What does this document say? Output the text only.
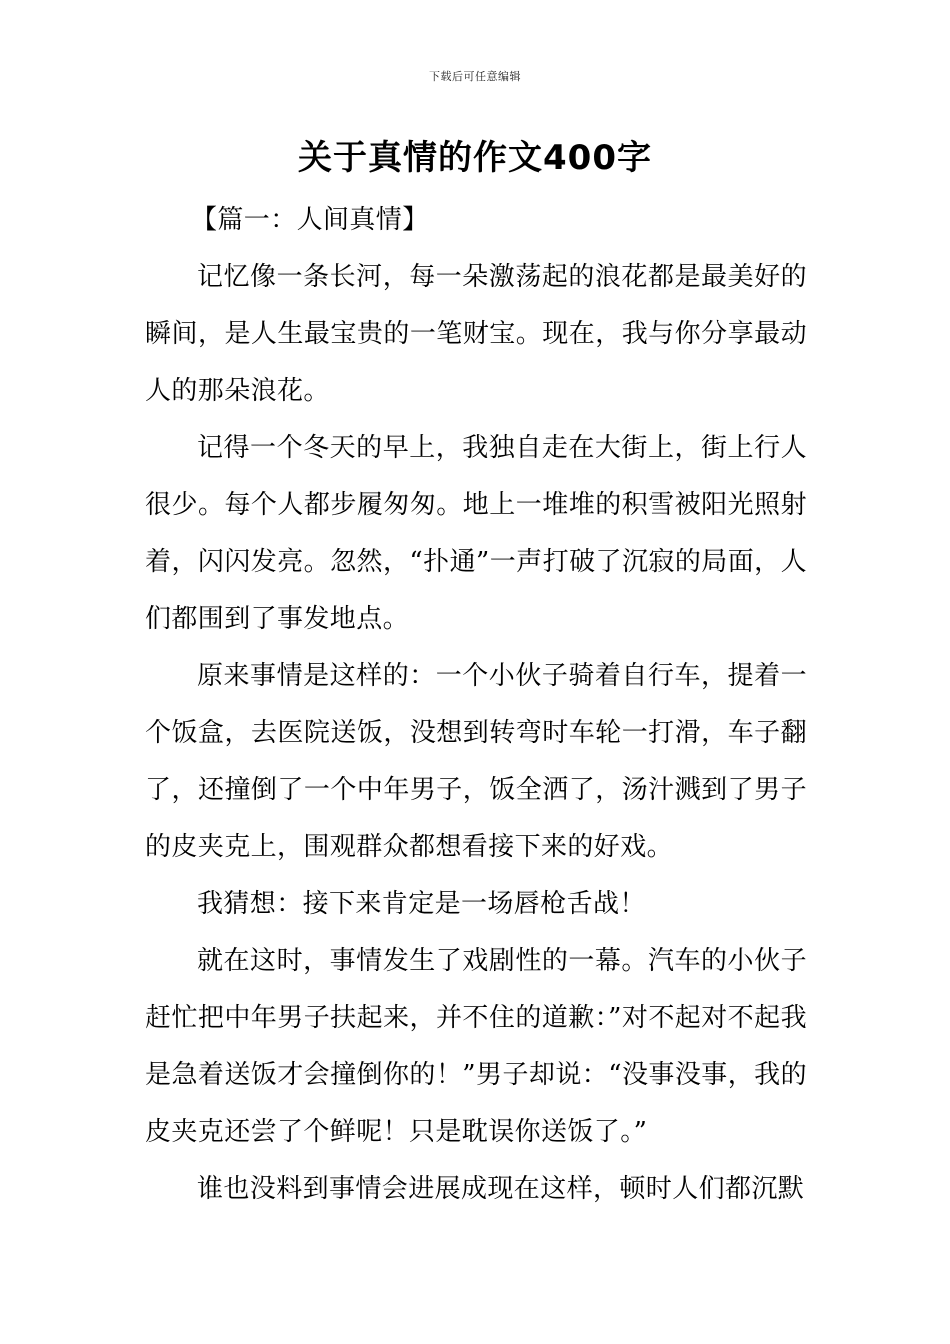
下载后可任意编辑
关于真情的作文400字

【篇一：人间真情】

记忆像一条长河，每一朵激荡起的浪花都是最美好的瞬间，是人生最宝贵的一笔财宝。现在，我与你分享最动人的那朵浪花。

记得一个冬天的早上，我独自走在大街上，街上行人很少。每个人都步履匆匆。地上一堆堆的积雪被阳光照射着，闪闪发亮。忽然，“扑通”一声打破了沉寂的局面，人们都围到了事发地点。

原来事情是这样的：一个小伙子骑着自行车，提着一个饭盒，去医院送饭，没想到转弯时车轮一打滑，车子翻了，还撞倒了一个中年男子，饭全洒了，汤汁溅到了男子的皮夹克上，围观群众都想看接下来的好戏。

我猜想：接下来肯定是一场唇枪舌战！

就在这时，事情发生了戏剧性的一幕。汽车的小伙子赶忙把中年男子扶起来，并不住的道歉：”对不起对不起我是急着送饭才会撞倒你的！”男子却说：“没事没事，我的皮夹克还尝了个鲜呢！只是耽误你送饭了。”

谁也没料到事情会进展成现在这样，顿时人们都沉默
